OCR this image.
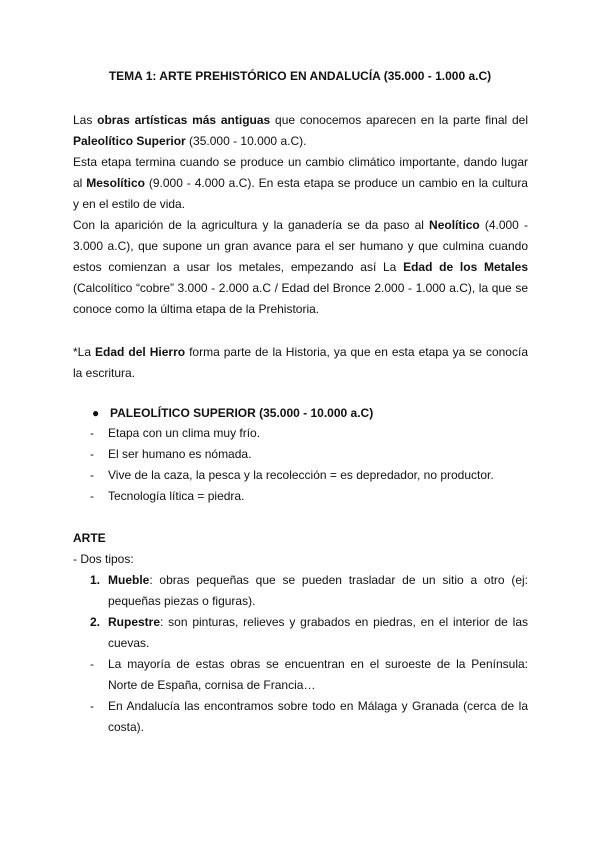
TEMA 1: ARTE PREHISTÓRICO EN ANDALUCÍA (35.000 - 1.000 a.C)

Las obras artísticas más antiguas que conocemos aparecen en la parte final del Paleolítico Superior (35.000 - 10.000 a.C).

Esta etapa termina cuando se produce un cambio climático importante, dando lugar al Mesolítico (9.000 - 4.000 a.C). En esta etapa se produce un cambio en la cultura y en el estilo de vida.

Con la aparición de la agricultura y la ganadería se da paso al Neolítico (4.000 - 3.000 a.C), que supone un gran avance para el ser humano y que culmina cuando estos comienzan a usar los metales, empezando así La Edad de los Metales (Calcolítico “cobre” 3.000 - 2.000 a.C / Edad del Bronce 2.000 - 1.000 a.C), la que se conoce como la última etapa de la Prehistoria.

*La Edad del Hierro forma parte de la Historia, ya que en esta etapa ya se conocía la escritura.

● PALEOLÍTICO SUPERIOR (35.000 - 10.000 a.C)
- Etapa con un clima muy frío.
- El ser humano es nómada.
- Vive de la caza, la pesca y la recolección = es depredador, no productor.
- Tecnología lítica = piedra.
ARTE
- Dos tipos:
1. Mueble: obras pequeñas que se pueden trasladar de un sitio a otro (ej: pequeñas piezas o figuras).
2. Rupestre: son pinturas, relieves y grabados en piedras, en el interior de las cuevas.
- La mayoría de estas obras se encuentran en el suroeste de la Península: Norte de España, cornisa de Francia…
- En Andalucía las encontramos sobre todo en Málaga y Granada (cerca de la costa).
